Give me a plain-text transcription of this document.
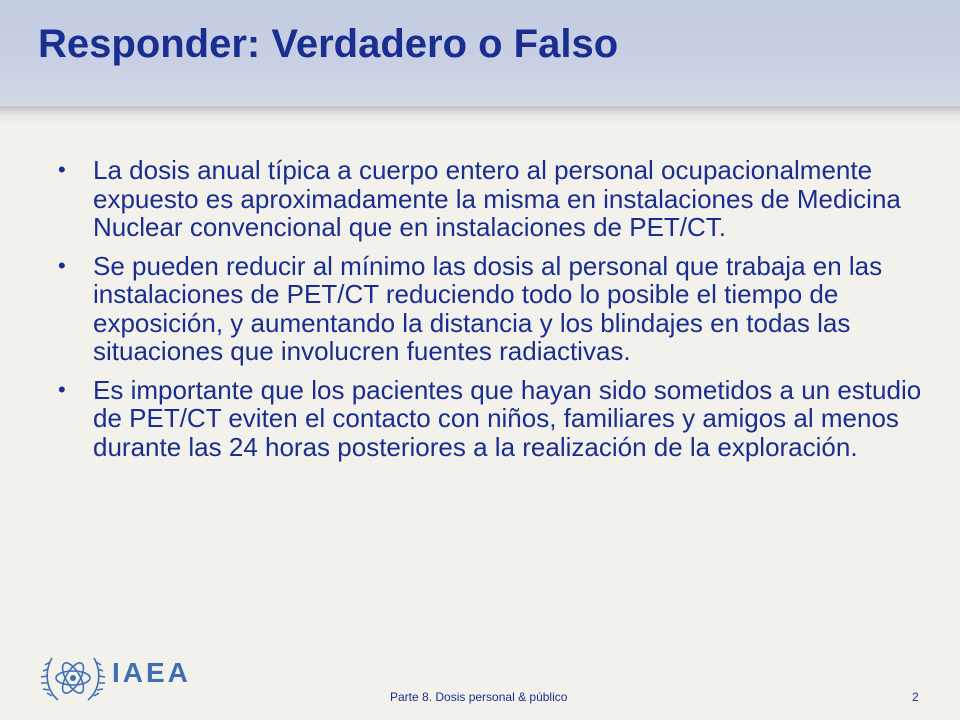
Responder: Verdadero o Falso
• La dosis anual típica a cuerpo entero al personal ocupacionalmente expuesto es aproximadamente la misma en instalaciones de Medicina Nuclear convencional que en instalaciones de PET/CT.
• Se pueden reducir al mínimo las dosis al personal que trabaja en las instalaciones de PET/CT reduciendo todo lo posible el tiempo de exposición, y aumentando la distancia y los blindajes en todas las situaciones que involucren fuentes radiactivas.
• Es importante que los pacientes que hayan sido sometidos a un estudio de PET/CT eviten el contacto con niños, familiares y amigos al menos durante las 24 horas posteriores a la realización de la exploración.
IAEA
Parte 8. Dosis personal & público	2
